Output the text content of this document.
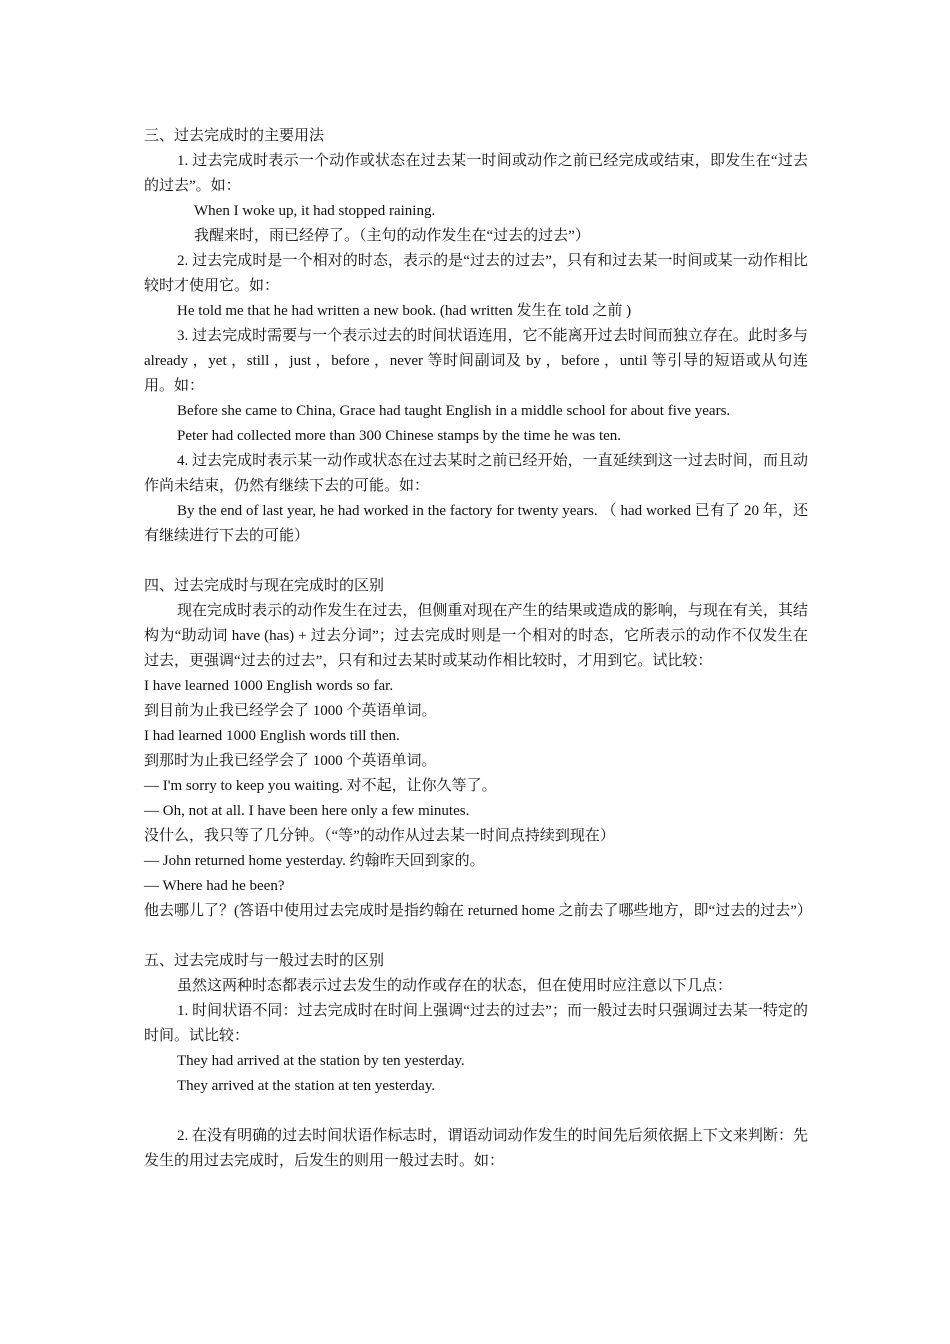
三、过去完成时的主要用法
1. 过去完成时表示一个动作或状态在过去某一时间或动作之前已经完成或结束，即发生在“过去的过去”。如：
When I woke up, it had stopped raining.
我醒来时，雨已经停了。（主句的动作发生在“过去的过去”）
2. 过去完成时是一个相对的时态，表示的是“过去的过去”，只有和过去某一时间或某一动作相比较时才使用它。如：
He told me that he had written a new book. (had written 发生在 told 之前 )
3. 过去完成时需要与一个表示过去的时间状语连用，它不能离开过去时间而独立存在。此时多与 already ，yet ，still ，just ，before ，never 等时间副词及 by ，before ，until 等引导的短语或从句连用。如：
Before she came to China, Grace had taught English in a middle school for about five years.
Peter had collected more than 300 Chinese stamps by the time he was ten.
4. 过去完成时表示某一动作或状态在过去某时之前已经开始，一直延续到这一过去时间，而且动作尚未结束，仍然有继续下去的可能。如：
By the end of last year, he had worked in the factory for twenty years. （ had worked 已有了 20 年，还有继续进行下去的可能）
四、过去完成时与现在完成时的区别
现在完成时表示的动作发生在过去，但侧重对现在产生的结果或造成的影响，与现在有关，其结构为“助动词 have (has) + 过去分词”；过去完成时则是一个相对的时态，它所表示的动作不仅发生在过去，更强调“过去的过去”，只有和过去某时或某动作相比较时，才用到它。试比较：
I have learned 1000 English words so far.
到目前为止我已经学会了 1000 个英语单词。
I had learned 1000 English words till then.
到那时为止我已经学会了 1000 个英语单词。
— I'm sorry to keep you waiting. 对不起，让你久等了。
— Oh, not at all. I have been here only a few minutes.
没什么，我只等了几分钟。（“等”的动作从过去某一时间点持续到现在）
— John returned home yesterday. 约翰昨天回到家的。
— Where had he been?
他去哪儿了？(答语中使用过去完成时是指约翰在 returned home 之前去了哪些地方，即“过去的过去”）
五、过去完成时与一般过去时的区别
虽然这两种时态都表示过去发生的动作或存在的状态，但在使用时应注意以下几点：
1. 时间状语不同：过去完成时在时间上强调“过去的过去”；而一般过去时只强调过去某一特定的时间。试比较：
They had arrived at the station by ten yesterday.
They arrived at the station at ten yesterday.
2. 在没有明确的过去时间状语作标志时，谓语动词动作发生的时间先后须依据上下文来判断：先发生的用过去完成时，后发生的则用一般过去时。如：
